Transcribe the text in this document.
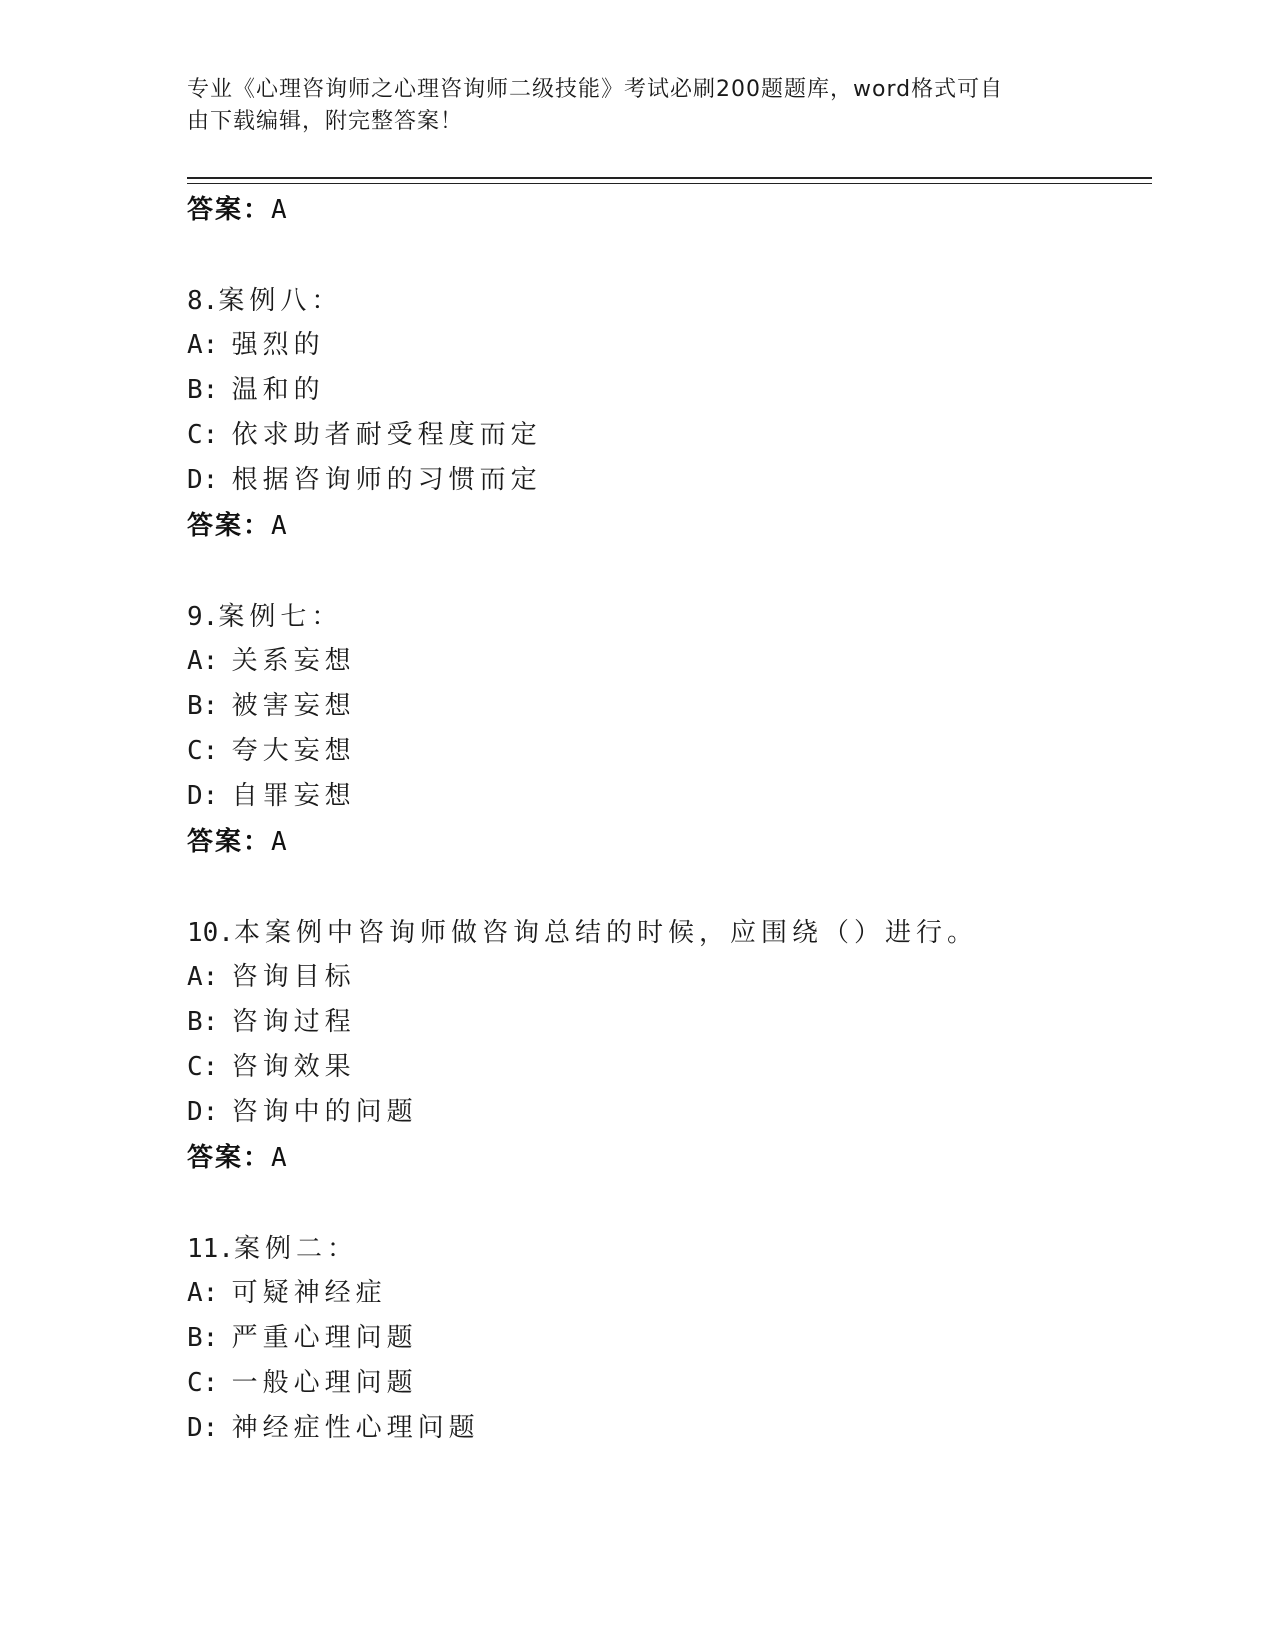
专业《心理咨询师之心理咨询师二级技能》考试必刷200题题库，word格式可自
由下载编辑，附完整答案！
答案：A
8.案例八：
A: 强烈的
B: 温和的
C: 依求助者耐受程度而定
D: 根据咨询师的习惯而定
答案：A
9.案例七：
A: 关系妄想
B: 被害妄想
C: 夸大妄想
D: 自罪妄想
答案：A
10.本案例中咨询师做咨询总结的时候，应围绕（）进行。
A: 咨询目标
B: 咨询过程
C: 咨询效果
D: 咨询中的问题
答案：A
11.案例二：
A: 可疑神经症
B: 严重心理问题
C: 一般心理问题
D: 神经症性心理问题
